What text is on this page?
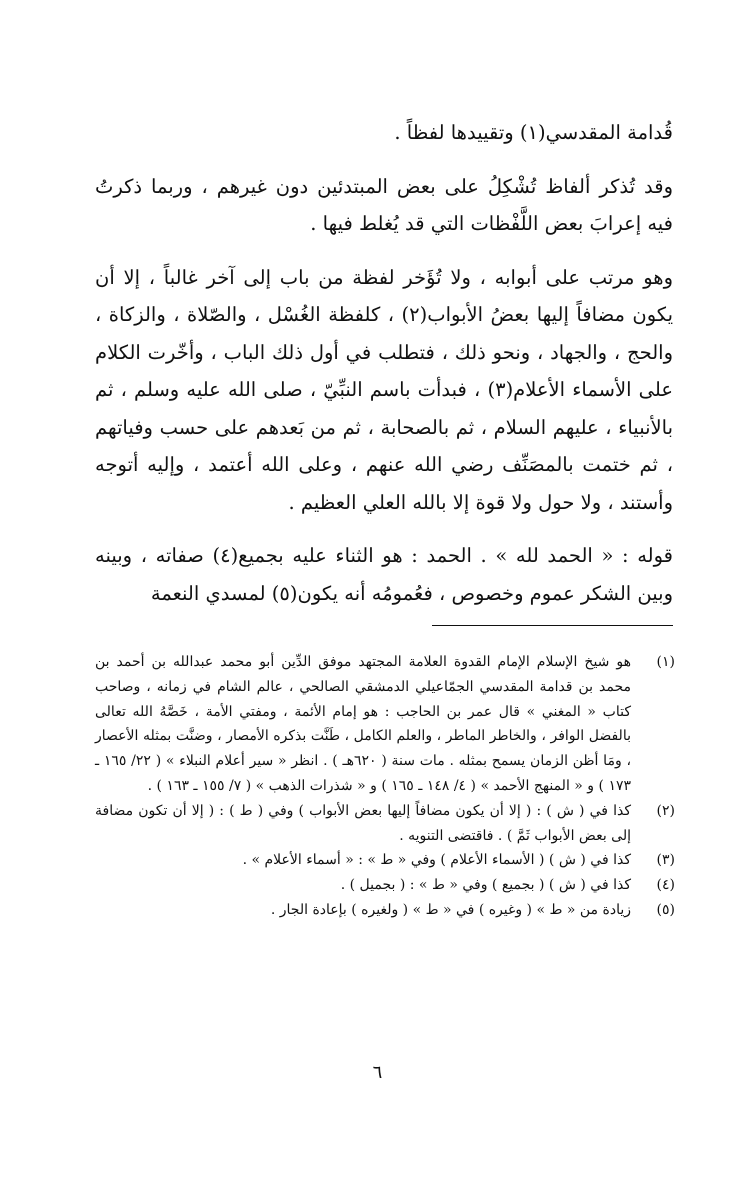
قُدامة المقدسي(١) وتقييدها لفظاً .

وقد تُذكر ألفاظ تُشْكِلُ على بعض المبتدئين دون غيرهم ، وربما ذكرتُ فيه إعرابَ بعض اللَّفْظات التي قد يُغلط فيها .

وهو مرتب على أبوابه ، ولا تُؤَخر لفظة من باب إلى آخر غالباً ، إلا أن يكون مضافاً إليها بعضُ الأبواب(٢) ، كلفظة الغُسْل ، والصّلاة ، والزكاة ، والحج ، والجهاد ، ونحو ذلك ، فتطلب في أول ذلك الباب ، وأخّرت الكلام على الأسماء الأعلام(٣) ، فبدأت باسم النبِّيّ ، صلى الله عليه وسلم ، ثم بالأنبياء ، عليهم السلام ، ثم بالصحابة ، ثم من بَعدهم على حسب وفياتهم ، ثم ختمت بالمصَنِّف رضي الله عنهم ، وعلى الله أعتمد ، وإليه أتوجه وأستند ، ولا حول ولا قوة إلا بالله العلي العظيم .

قوله : « الحمد لله » . الحمد : هو الثناء عليه بجميع(٤) صفاته ، وبينه وبين الشكر عموم وخصوص ، فعُمومُه أنه يكون(٥) لمسدي النعمة

(١)
هو شيخ الإسلام الإمام القدوة العلامة المجتهد موفق الدِّين أبو محمد عبدالله بن أحمد بن محمد بن قدامة المقدسي الجمّاعيلي الدمشقي الصالحي ، عالم الشام في زمانه ، وصاحب كتاب « المغني » قال عمر بن الحاجب : هو إمام الأئمة ، ومفتي الأمة ، خَصَّهُ الله تعالى بالفضل الوافر ، والخاطر الماطر ، والعلم الكامل ، طَنَّت بذكره الأمصار ، وضنَّت بمثله الأعصار ، ومَا أظن الزمان يسمح بمثله . مات سنة ( ٦٢٠هـ ) . انظر « سير أعلام النبلاء » ( ٢٢/ ١٦٥ ـ ١٧٣ ) و « المنهج الأحمد » ( ٤/ ١٤٨ ـ ١٦٥ ) و « شذرات الذهب » ( ٧/ ١٥٥ ـ ١٦٣ ) .
(٢)
كذا في ( ش ) : ( إلا أن يكون مضافاً إليها بعض الأبواب ) وفي ( ط ) : ( إلا أن تكون مضافة إلى بعض الأبواب ثَمَّ ) . فاقتضى التنويه .
(٣)
كذا في ( ش ) ( الأسماء الأعلام ) وفي « ط » : « أسماء الأعلام » .
(٤)
كذا في ( ش ) ( بجميع ) وفي « ط » : ( بجميل ) .
(٥)
زيادة من « ط » ( وغيره ) في « ط » ( ولغيره ) بإعادة الجار .
٦
